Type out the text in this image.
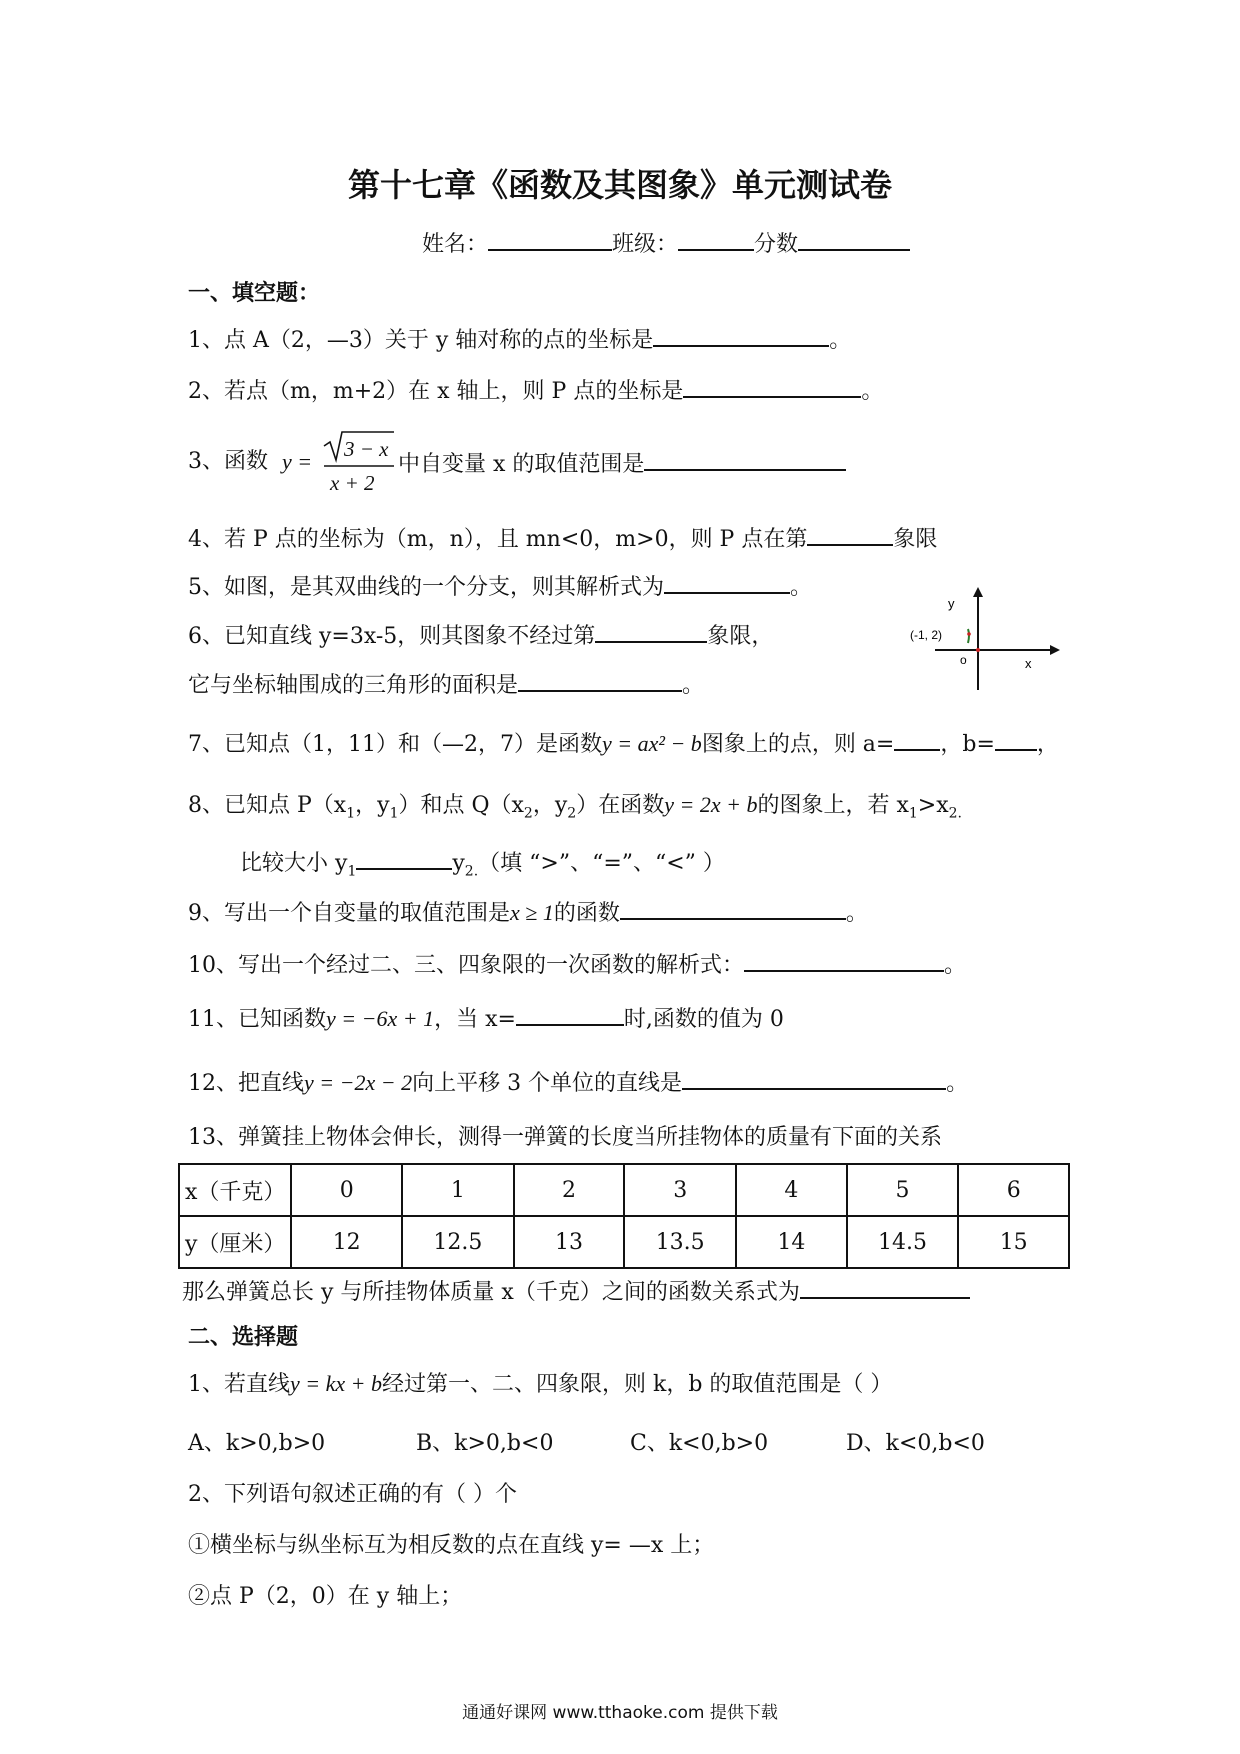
第十七章《函数及其图象》单元测试卷
姓名：	班级：	分数
一、填空题：
1、点 A（2，—3）关于 y 轴对称的点的坐标是	。
2、若点（m，m+2）在 x 轴上，则 P 点的坐标是	。
3、函数 y = 3 − x
x + 2
中自变量 x 的取值范围是
4、若 P 点的坐标为（m，n），且 mn<0，m>0，则 P 点在第	象限
5、如图，是其双曲线的一个分支，则其解析式为	。
6、已知直线 y=3x-5，则其图象不经过第	象限，
它与坐标轴围成的三角形的面积是	。
y
x
o
(-1, 2)
7、已知点（1，11）和（—2，7）是函数y = ax² − b图象上的点，则 a= ，b= ，
8、已知点 $P(x_1$，$y_1$）和点 $Q(x_2$，$y_2$）在函数y = 2x + b的图象上，若 $x_1>x_{2.}$
比较大小 $y_1$	$y_{2.}$（填 “>”、“=”、“<” ）
9、写出一个自变量的取值范围是x ≥ 1的函数	。
10、写出一个经过二、三、四象限的一次函数的解析式：	。
11、已知函数y = −6x + 1，当 x=	时,函数的值为 0
12、把直线y = −2x − 2向上平移 3 个单位的直线是	。
13、弹簧挂上物体会伸长，测得一弹簧的长度当所挂物体的质量有下面的关系
x（千克）	0	1	2	3	4	5	6
y（厘米）	12	12.5	13	13.5	14	14.5	15
那么弹簧总长 y 与所挂物体质量 x（千克）之间的函数关系式为
二、选择题
1、若直线y = kx + b经过第一、二、四象限，则 k，b 的取值范围是（ ）
A、k>0,b>0	B、k>0,b<0	C、k<0,b>0	D、k<0,b<0
2、下列语句叙述正确的有（ ）个
①横坐标与纵坐标互为相反数的点在直线 y= —x 上；
②点 P（2，0）在 y 轴上；
通通好课网 www.tthaoke.com 提供下载
